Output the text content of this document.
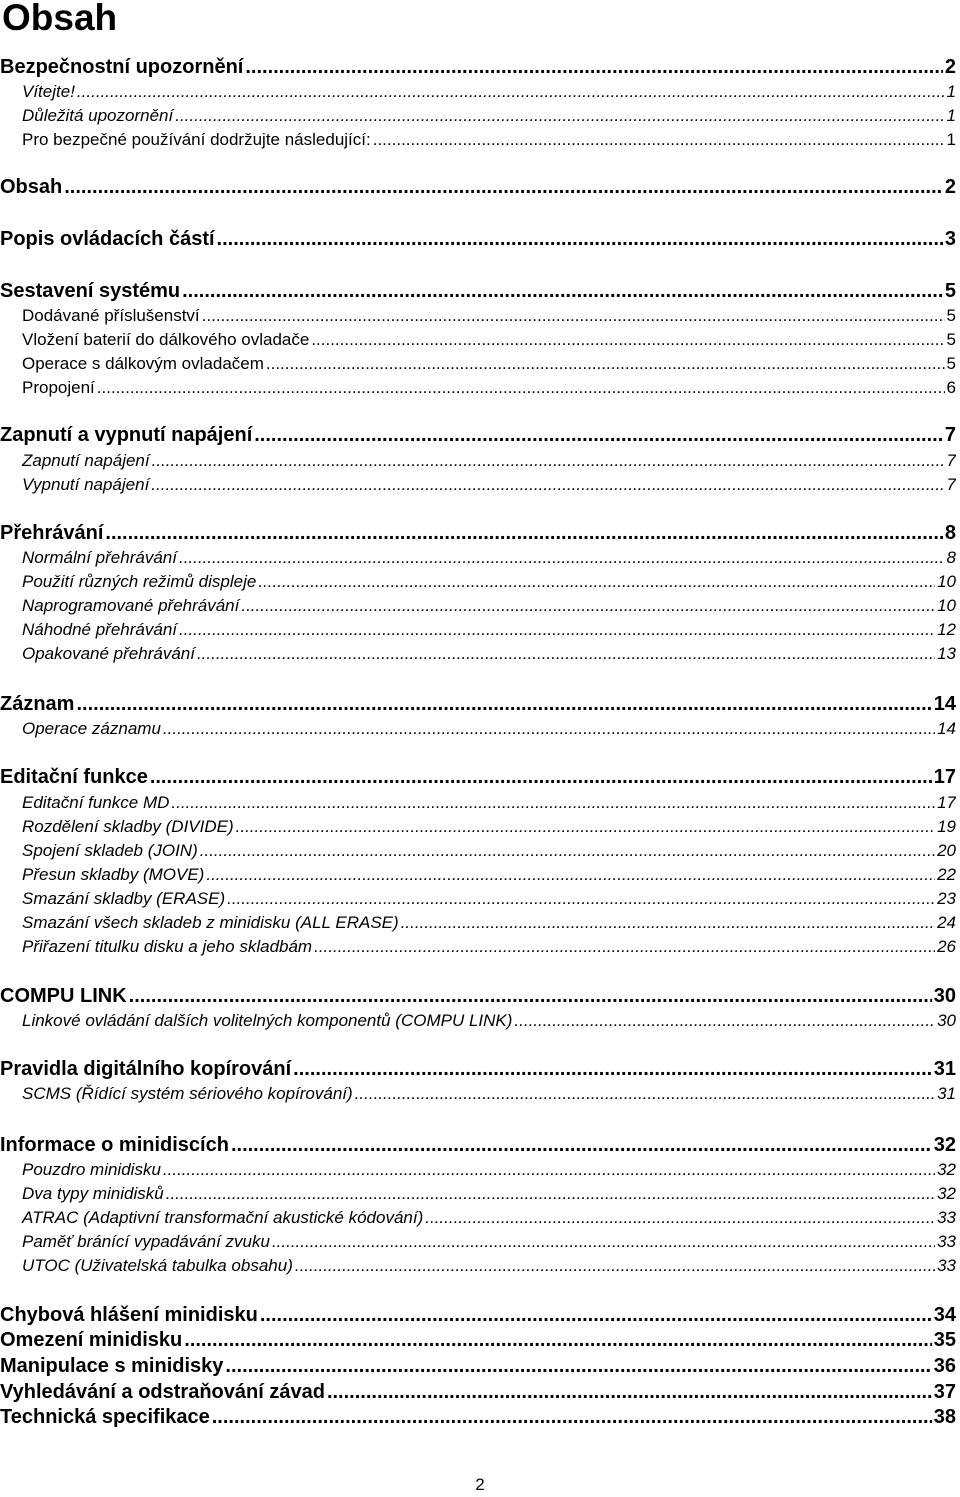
Obsah
Bezpečnostní upozornění .....	2
Vítejte! .....	1
Důležitá upozornění .....	1
Pro bezpečné používání dodržujte následující: .....	1
Obsah .....	2
Popis ovládacích částí .....	3
Sestavení systému .....	5
Dodávané příslušenství .....	5
Vložení baterií do dálkového ovladače .....	5
Operace s dálkovým ovladačem .....	5
Propojení .....	6
Zapnutí a vypnutí napájení .....	7
Zapnutí napájení .....	7
Vypnutí napájení .....	7
Přehrávání .....	8
Normální přehrávání .....	8
Použití různých režimů displeje .....	10
Naprogramované přehrávání .....	10
Náhodné přehrávání .....	12
Opakované přehrávání .....	13
Záznam .....	14
Operace záznamu .....	14
Editační funkce .....	17
Editační funkce MD .....	17
Rozdělení skladby (DIVIDE) .....	19
Spojení skladeb (JOIN) .....	20
Přesun skladby (MOVE) .....	22
Smazání skladby (ERASE) .....	23
Smazání všech skladeb z minidisku (ALL ERASE) .....	24
Přiřazení titulku disku a jeho skladbám .....	26
COMPU LINK .....	30
Linkové ovládání dalších volitelných komponentů (COMPU LINK) .....	30
Pravidla digitálního kopírování .....	31
SCMS (Řídící systém sériového kopírování) .....	31
Informace o minidiscích .....	32
Pouzdro minidisku .....	32
Dva typy minidisků .....	32
ATRAC (Adaptivní transformační akustické kódování) .....	33
Paměť bránící vypadávání zvuku .....	33
UTOC (Uživatelská tabulka obsahu) .....	33
Chybová hlášení minidisku .....	34
Omezení minidisku .....	35
Manipulace s minidisky .....	36
Vyhledávání a odstraňování závad .....	37
Technická specifikace .....	38
2
